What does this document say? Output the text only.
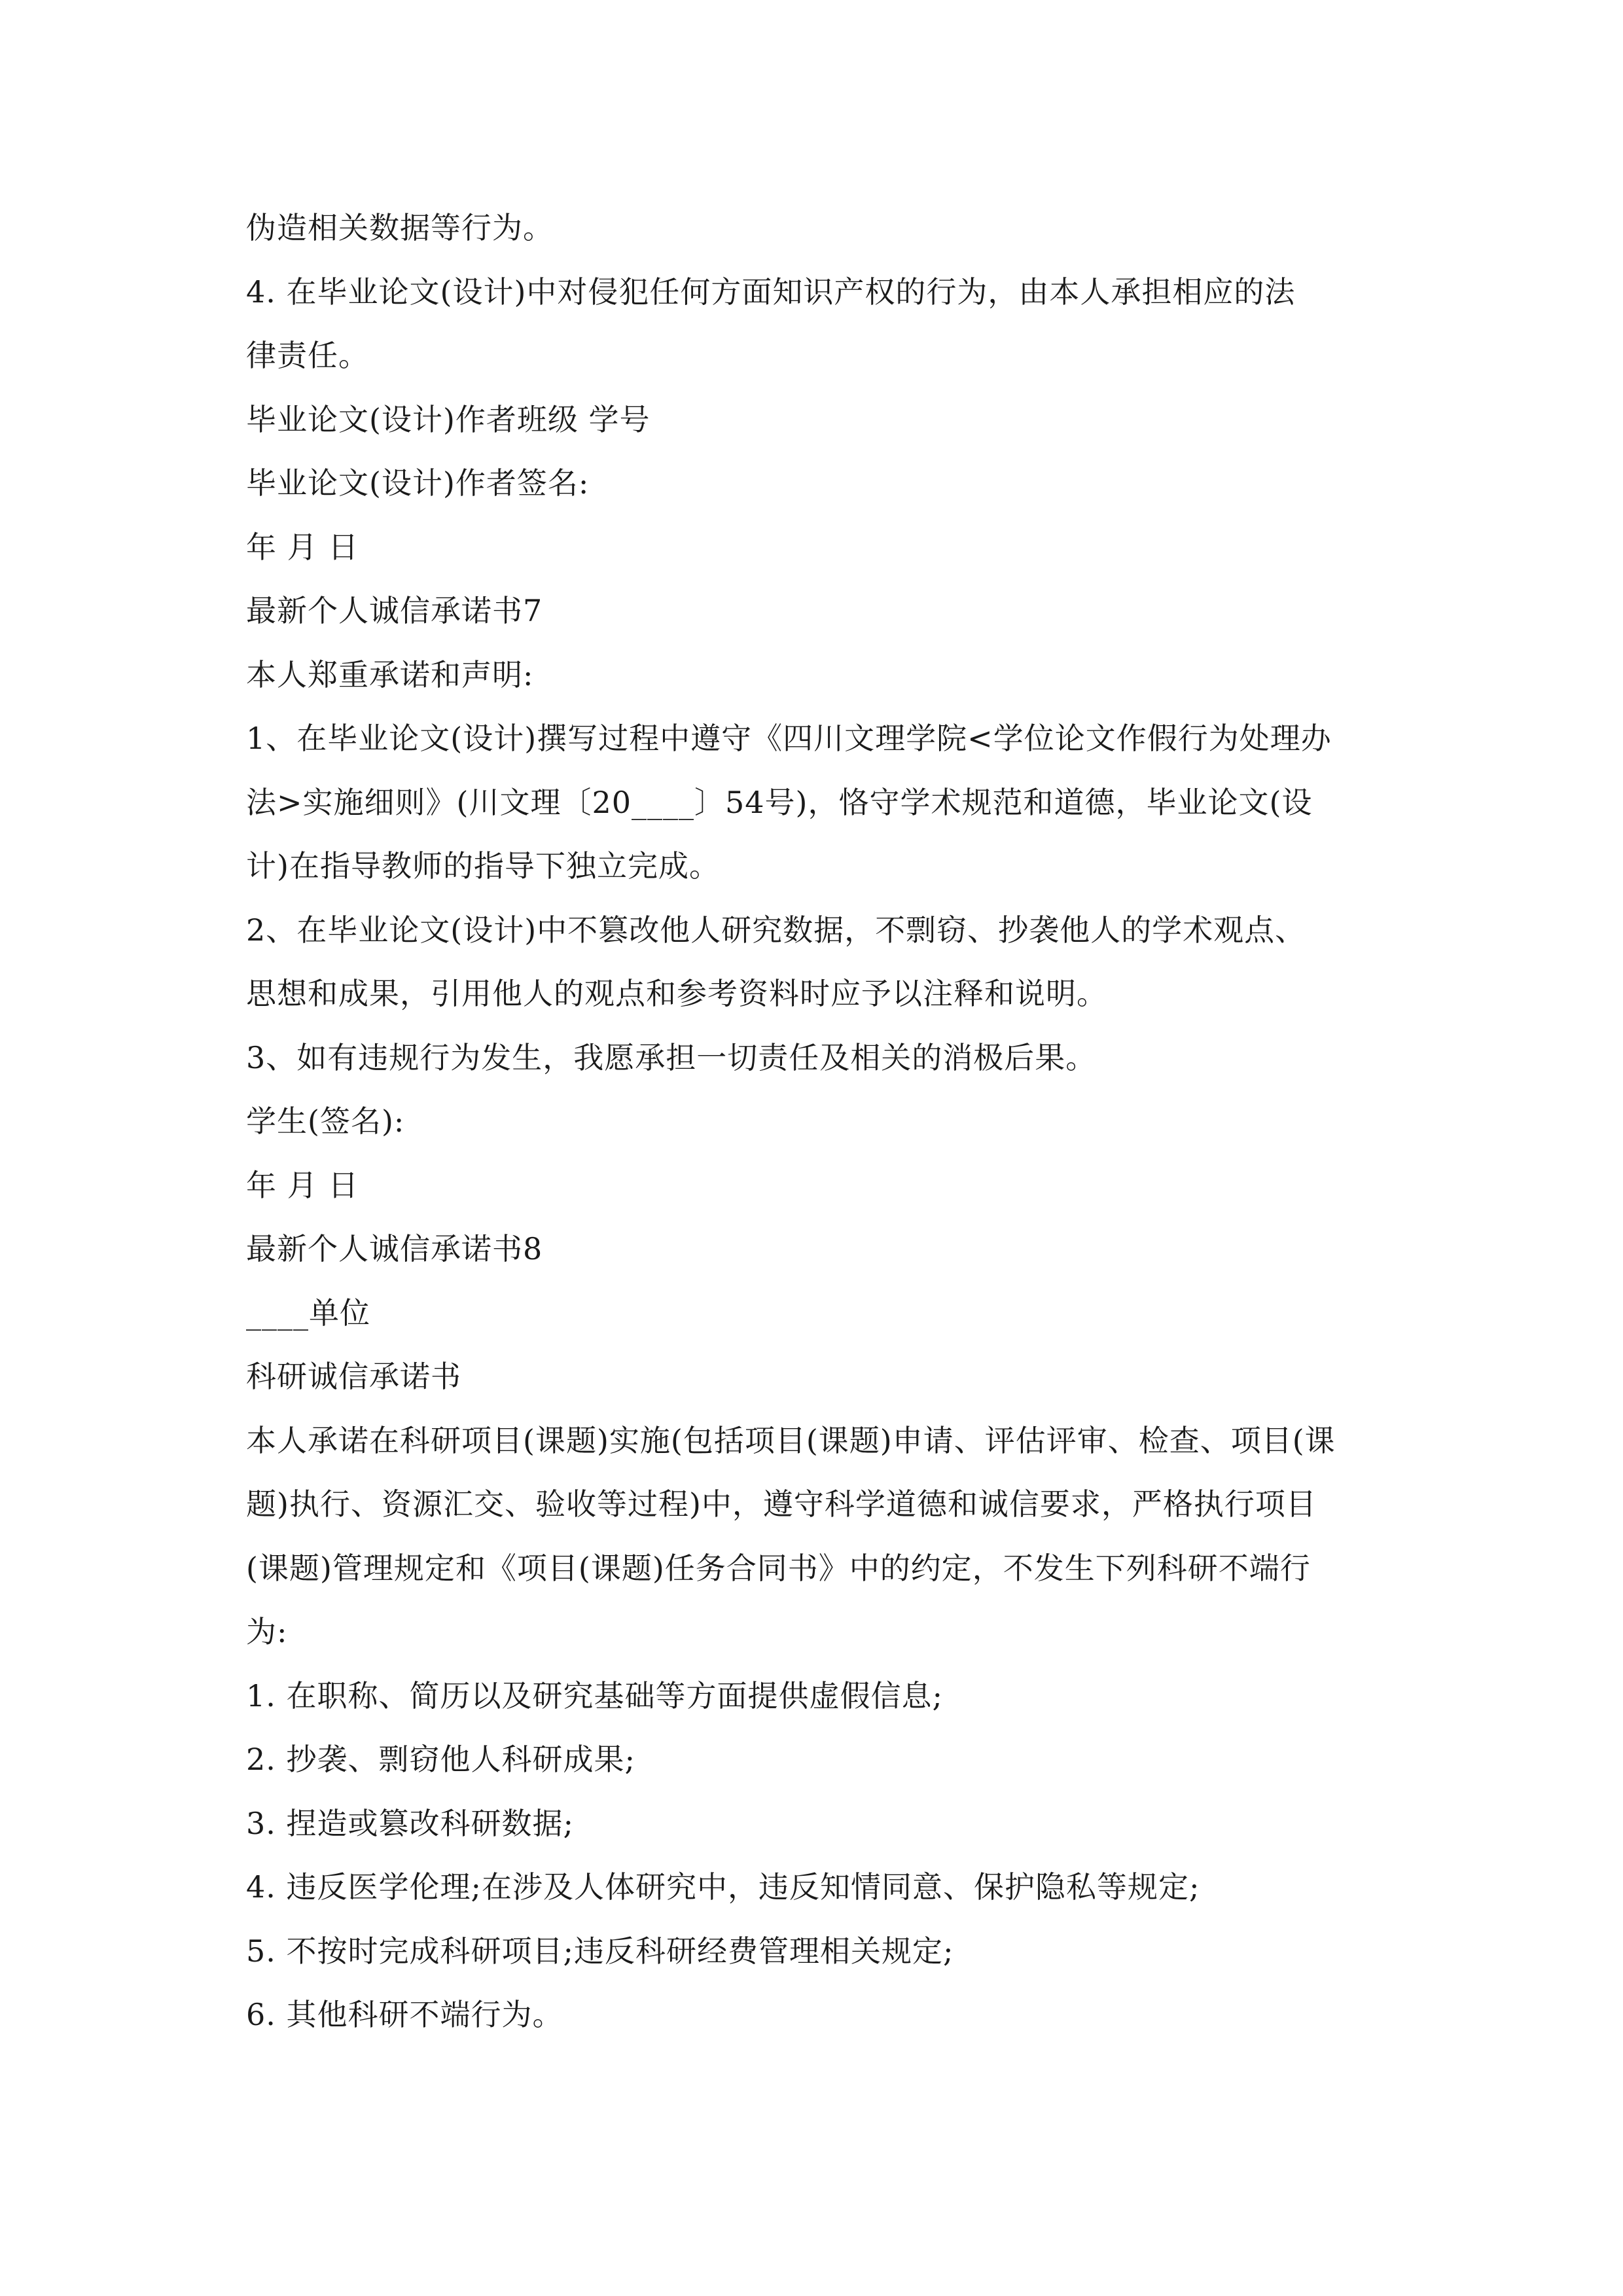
伪造相关数据等行为。

4. 在毕业论文(设计)中对侵犯任何方面知识产权的行为，由本人承担相应的法

律责任。

毕业论文(设计)作者班级 学号

毕业论文(设计)作者签名:

年 月 日

最新个人诚信承诺书7

本人郑重承诺和声明:

1、在毕业论文(设计)撰写过程中遵守《四川文理学院<学位论文作假行为处理办

法>实施细则》(川文理〔20____〕54号)，恪守学术规范和道德，毕业论文(设

计)在指导教师的指导下独立完成。

2、在毕业论文(设计)中不篡改他人研究数据，不剽窃、抄袭他人的学术观点、

思想和成果，引用他人的观点和参考资料时应予以注释和说明。

3、如有违规行为发生，我愿承担一切责任及相关的消极后果。

学生(签名):

年 月 日

最新个人诚信承诺书8

____单位

科研诚信承诺书

本人承诺在科研项目(课题)实施(包括项目(课题)申请、评估评审、检查、项目(课

题)执行、资源汇交、验收等过程)中，遵守科学道德和诚信要求，严格执行项目

(课题)管理规定和《项目(课题)任务合同书》中的约定，不发生下列科研不端行

为:

1. 在职称、简历以及研究基础等方面提供虚假信息;

2. 抄袭、剽窃他人科研成果;

3. 捏造或篡改科研数据;

4. 违反医学伦理;在涉及人体研究中，违反知情同意、保护隐私等规定;

5. 不按时完成科研项目;违反科研经费管理相关规定;

6. 其他科研不端行为。
